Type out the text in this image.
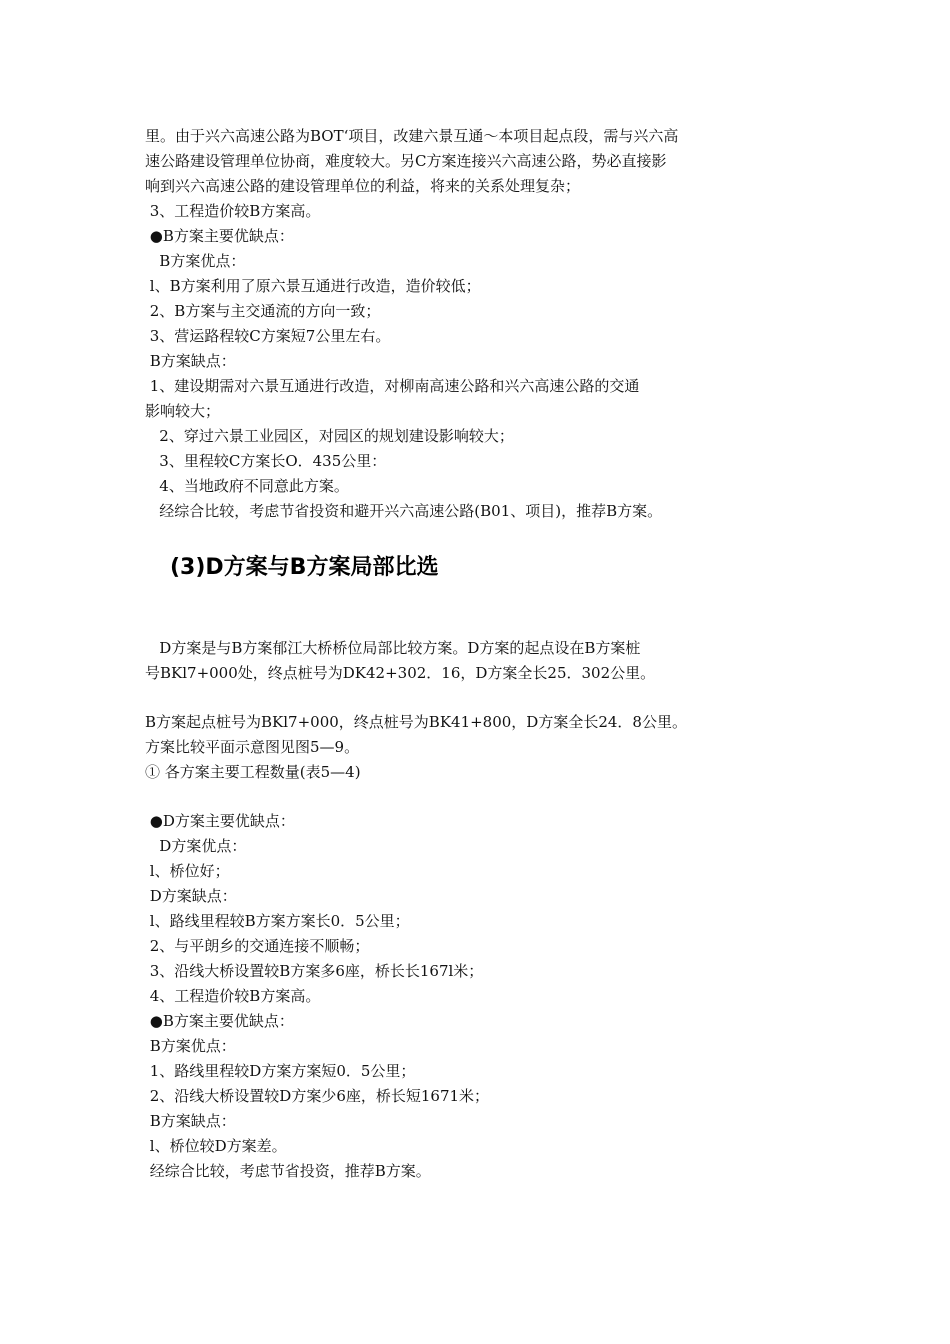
里。由于兴六高速公路为BOT‘项目，改建六景互通～本项目起点段，需与兴六高
速公路建设管理单位协商，难度较大。另C方案连接兴六高速公路，势必直接影
响到兴六高速公路的建设管理单位的利益，将来的关系处理复杂；
3、工程造价较B方案高。
●B方案主要优缺点：
B方案优点：
l、B方案利用了原六景互通进行改造，造价较低；
2、B方案与主交通流的方向一致；
3、营运路程较C方案短7公里左右。
B方案缺点：
1、建设期需对六景互通进行改造，对柳南高速公路和兴六高速公路的交通
影响较大；
2、穿过六景工业园区，对园区的规划建设影响较大；
3、里程较C方案长O．435公里：
4、当地政府不同意此方案。
经综合比较，考虑节省投资和避开兴六高速公路(B01、项目)，推荐B方案。
(3)D方案与B方案局部比选
D方案是与B方案郁江大桥桥位局部比较方案。D方案的起点设在B方案桩
号BKl7+000处，终点桩号为DK42+302．16，D方案全长25．302公里。
B方案起点桩号为BKl7+000，终点桩号为BK41+800，D方案全长24．8公里。
方案比较平面示意图见图5—9。
① 各方案主要工程数量(表5—4)
●D方案主要优缺点：
D方案优点：
l、桥位好；
D方案缺点：
l、路线里程较B方案方案长0．5公里；
2、与平朗乡的交通连接不顺畅；
3、沿线大桥设置较B方案多6座，桥长长167l米；
4、工程造价较B方案高。
●B方案主要优缺点：
B方案优点：
1、路线里程较D方案方案短0．5公里；
2、沿线大桥设置较D方案少6座，桥长短1671米；
B方案缺点：
l、桥位较D方案差。
经综合比较，考虑节省投资，推荐B方案。
